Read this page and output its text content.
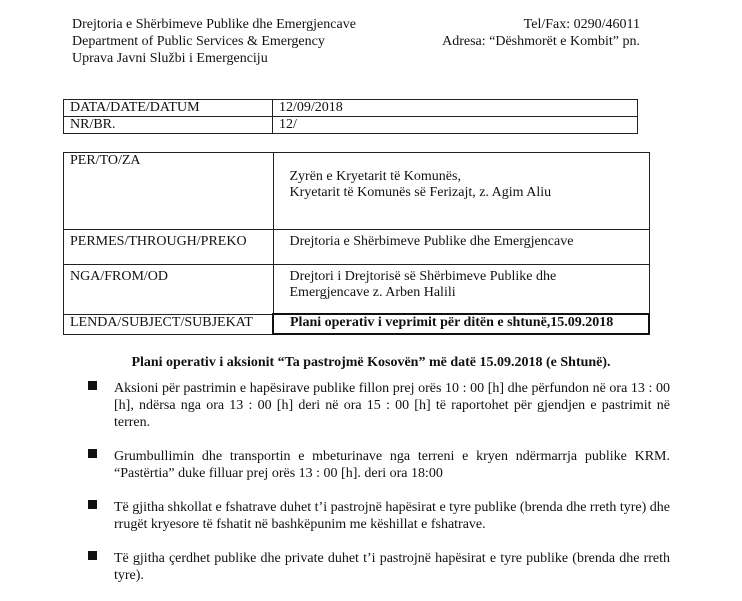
Drejtoria e Shërbimeve Publike dhe Emergjencave
Department of Public Services & Emergency
Uprava Javni Službi i Emergenciju
Tel/Fax: 0290/46011
Adresa: “Dëshmorët e Kombit” pn.
DATA/DATE/DATUM	12/09/2018
NR/BR.	12/
PER/TO/ZA	Zyrën e Kryetarit të Komunës,
Kryetarit të Komunës së Ferizajt, z. Agim Aliu

PERMES/THROUGH/PREKO	Drejtoria e Shërbimeve Publike dhe Emergjencave
NGA/FROM/OD	Drejtori i Drejtorisë së Shërbimeve Publike dhe
Emergjencave z. Arben Halili

LENDA/SUBJECT/SUBJEKAT	Plani operativ i veprimit për ditën e shtunë,15.09.2018
Plani operativ i aksionit “Ta pastrojmë Kosovën” më datë 15.09.2018 (e Shtunë).
Aksioni për pastrimin e hapësirave publike fillon prej orës 10 : 00 [h] dhe përfundon në ora 13 : 00 [h], ndërsa nga ora 13 : 00 [h] deri në ora 15 : 00 [h] të raportohet për gjendjen e pastrimit në terren.
Grumbullimin dhe transportin e mbeturinave nga terreni e kryen ndërmarrja publike KRM. “Pastërtia” duke filluar prej orës 13 : 00 [h]. deri ora 18:00
Të gjitha shkollat e fshatrave duhet t’i pastrojnë hapësirat e tyre publike (brenda dhe rreth tyre) dhe rrugët kryesore të fshatit në bashkëpunim me këshillat e fshatrave.
Të gjitha çerdhet publike dhe private duhet t’i pastrojnë hapësirat e tyre publike (brenda dhe rreth tyre).
